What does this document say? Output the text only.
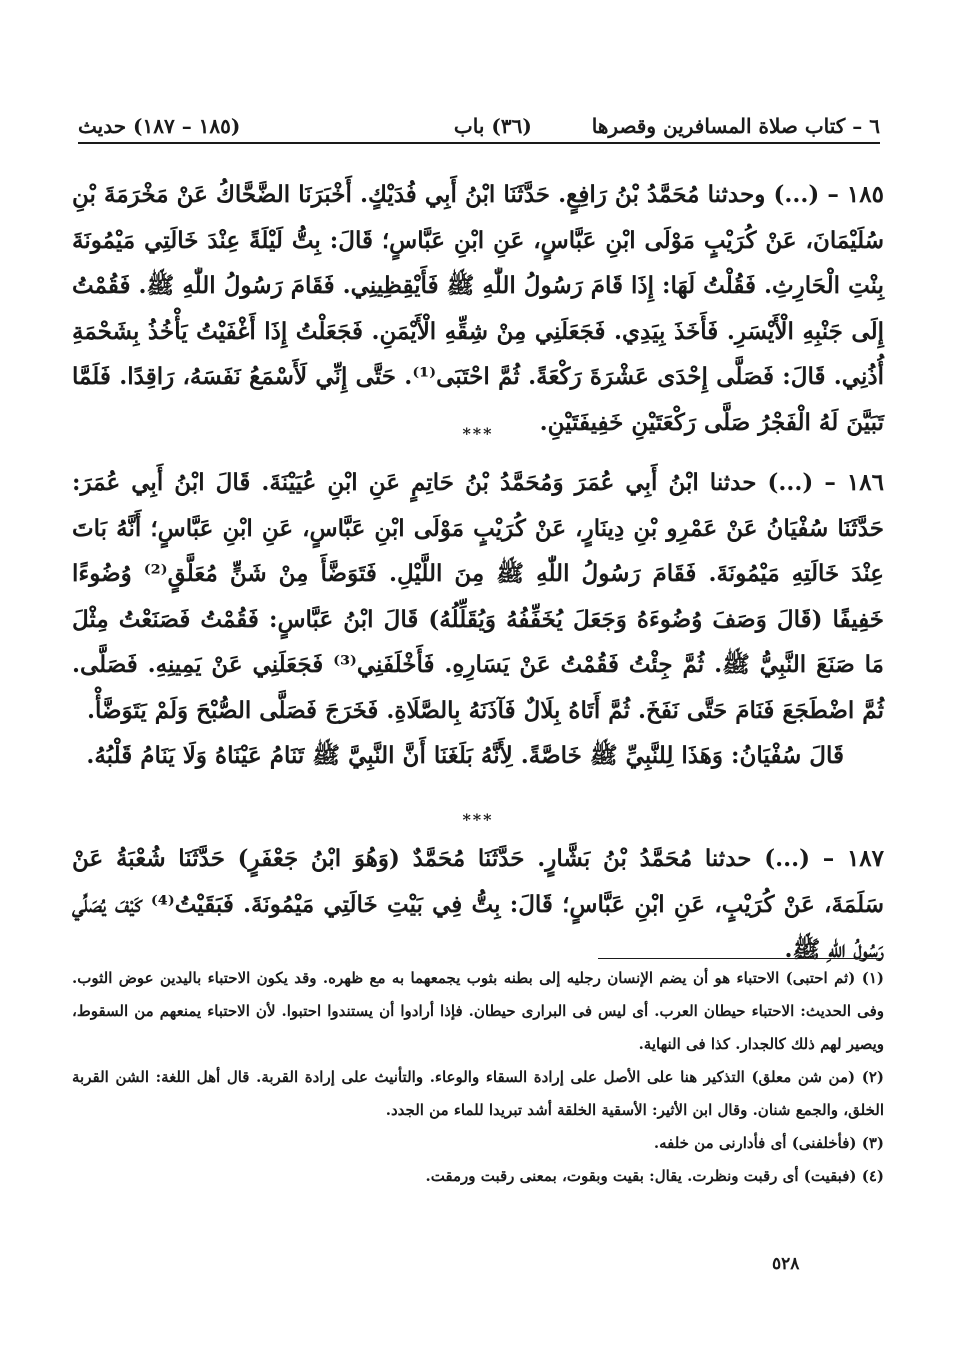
٦ – كتاب صلاة المسافرين وقصرها
(٣٦) باب
(١٨٥ – ١٨٧) حديث

١٨٥ – (...) وحدثنا مُحَمَّدُ بْنُ رَافِعٍ. حَدَّثَنَا ابْنُ أَبِي فُدَيْكٍ. أَخْبَرَنَا الضَّحَّاكُ عَنْ مَخْرَمَةَ بْنِ سُلَيْمَانَ، عَنْ كُرَيْبٍ مَوْلَى ابْنِ عَبَّاسٍ، عَنِ ابْنِ عَبَّاسٍ؛ قَالَ: بِتُّ لَيْلَةً عِنْدَ خَالَتِي مَيْمُونَةَ بِنْتِ الْحَارِثِ. فَقُلْتُ لَهَا: إِذَا قَامَ رَسُولُ اللّٰهِ ﷺ فَأَيْقِظِينِي. فَقَامَ رَسُولُ اللّٰهِ ﷺ. فَقُمْتُ إِلَى جَنْبِهِ الْأَيْسَرِ. فَأَخَذَ بِيَدِي. فَجَعَلَنِي مِنْ شِقِّهِ الْأَيْمَنِ. فَجَعَلْتُ إِذَا أَغْفَيْتُ يَأْخُذُ بِشَحْمَةِ أُذُنِي. قَالَ: فَصَلَّى إِحْدَى عَشْرَةَ رَكْعَةً. ثُمَّ احْتَبَى⁽¹⁾. حَتَّى إِنِّي لَأَسْمَعُ نَفَسَهُ، رَاقِدًا. فَلَمَّا تَبَيَّنَ لَهُ الْفَجْرُ صَلَّى رَكْعَتَيْنِ خَفِيفَتَيْنِ.

***

١٨٦ – (...) حدثنا ابْنُ أَبِي عُمَرَ وَمُحَمَّدُ بْنُ حَاتِمٍ عَنِ ابْنِ عُيَيْنَةَ. قَالَ ابْنُ أَبِي عُمَرَ: حَدَّثَنَا سُفْيَانُ عَنْ عَمْرِو بْنِ دِينَارٍ، عَنْ كُرَيْبٍ مَوْلَى ابْنِ عَبَّاسٍ، عَنِ ابْنِ عَبَّاسٍ؛ أَنَّهُ بَاتَ عِنْدَ خَالَتِهِ مَيْمُونَةَ. فَقَامَ رَسُولُ اللّٰهِ ﷺ مِنَ اللَّيْلِ. فَتَوَضَّأَ مِنْ شَنٍّ مُعَلَّقٍ⁽²⁾ وُضُوءًا خَفِيفًا (قَالَ وَصَفَ وُضُوءَهُ وَجَعَلَ يُخَفِّفُهُ وَيُقَلِّلُهُ) قَالَ ابْنُ عَبَّاسٍ: فَقُمْتُ فَصَنَعْتُ مِثْلَ مَا صَنَعَ النَّبِيُّ ﷺ. ثُمَّ جِئْتُ فَقُمْتُ عَنْ يَسَارِهِ. فَأَخْلَفَنِي⁽³⁾ فَجَعَلَنِي عَنْ يَمِينِهِ. فَصَلَّى. ثُمَّ اضْطَجَعَ فَنَامَ حَتَّى نَفَخَ. ثُمَّ أَتَاهُ بِلَالٌ فَآذَنَهُ بِالصَّلَاةِ. فَخَرَجَ فَصَلَّى الصُّبْحَ وَلَمْ يَتَوَضَّأْ.

قَالَ سُفْيَانُ: وَهَذَا لِلنَّبِيِّ ﷺ خَاصَّةً. لِأَنَّهُ بَلَغَنَا أَنَّ النَّبِيَّ ﷺ تَنَامُ عَيْنَاهُ وَلَا يَنَامُ قَلْبُهُ.

***

١٨٧ – (...) حدثنا مُحَمَّدُ بْنُ بَشَّارٍ. حَدَّثَنَا مُحَمَّدٌ (وَهُوَ ابْنُ جَعْفَرٍ) حَدَّثَنَا شُعْبَةُ عَنْ سَلَمَةَ، عَنْ كُرَيْبٍ، عَنِ ابْنِ عَبَّاسٍ؛ قَالَ: بِتُّ فِي بَيْتِ خَالَتِي مَيْمُونَةَ. فَبَقَيْتُ⁽⁴⁾ كَيْفَ يُصَلِّي رَسُولُ اللّٰهِ ﷺ.

(١) (ثم احتبى) الاحتباء هو أن يضم الإنسان رجليه إلى بطنه بثوب يجمعهما به مع ظهره. وقد يكون الاحتباء باليدين عوض الثوب. وفى الحديث: الاحتباء حيطان العرب. أى ليس فى البرارى حيطان. فإذا أرادوا أن يستندوا احتبوا. لأن الاحتباء يمنعهم من السقوط، ويصير لهم ذلك كالجدار. كذا فى النهاية.

(٢) (من شن معلق) التذكير هنا على الأصل على إرادة السقاء والوعاء. والتأنيث على إرادة القربة. قال أهل اللغة: الشن القربة الخلق، والجمع شنان. وقال ابن الأثير: الأسقية الخلقة أشد تبريدا للماء من الجدد.

(٣) (فأخلفنى) أى فأدارنى من خلفه.

(٤) (فبقيت) أى رقبت ونظرت. يقال: بقيت وبقوت، بمعنى رقبت ورمقت.

٥٢٨
